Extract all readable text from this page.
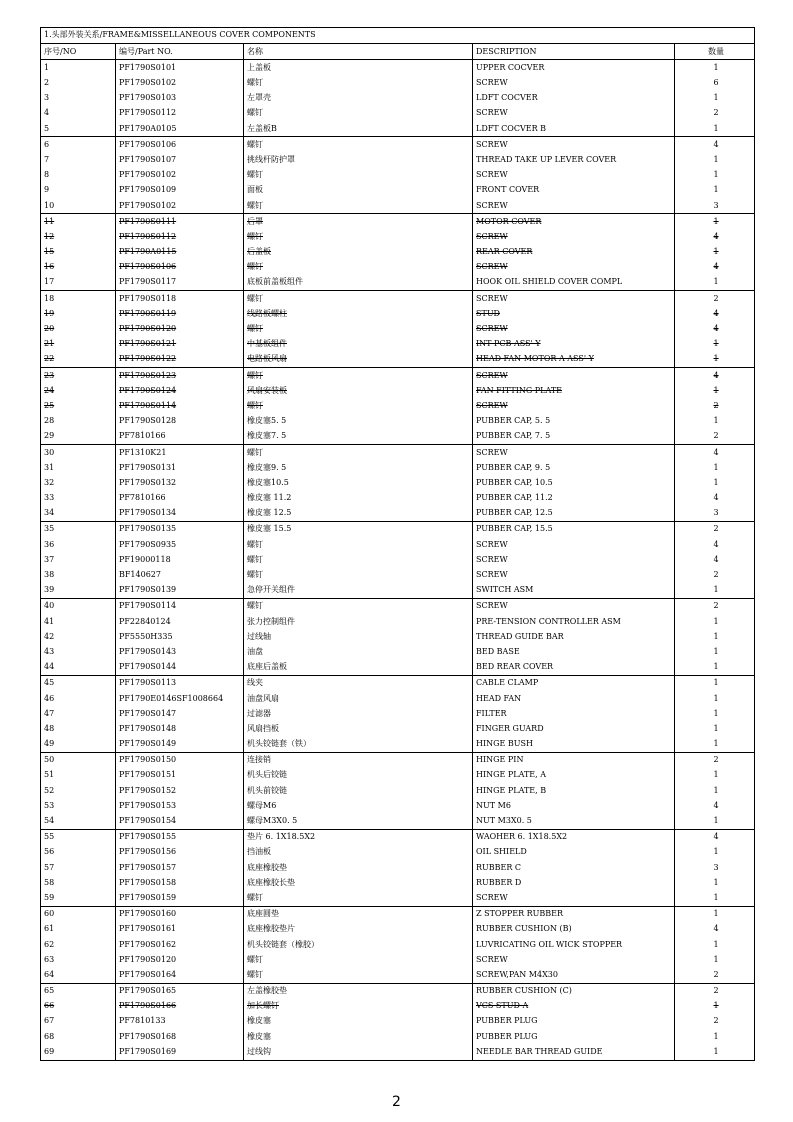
1.头部外装关系/FRAME&MISSELLANEOUS COVER COMPONENTS				
序号/NO	编号/Part NO.	名称	DESCRIPTION	数量
1	PF1790S0101	上盖板	UPPER COCVER	1
2	PF1790S0102	螺钉	SCREW	6
3	PF1790S0103	左罩壳	LDFT COCVER	1
4	PF1790S0112	螺钉	SCREW	2
5	PF1790A0105	左盖板B	LDFT COCVER B	1
6	PF1790S0106	螺钉	SCREW	4
7	PF1790S0107	挑线杆防护罩	THREAD TAKE UP LEVER COVER	1
8	PF1790S0102	螺钉	SCREW	1
9	PF1790S0109	面板	FRONT COVER	1
10	PF1790S0102	螺钉	SCREW	3
11	PF1790S0111	后罩	MOTOR COVER	1
12	PF1790S0112	螺钉	SCREW	4
15	PF1790A0115	后盖板	REAR COVER	1
16	PF1790S0106	螺钉	SCREW	4
17	PF1790S0117	底板前盖板组件	HOOK OIL SHIELD COVER COMPL	1
18	PF1790S0118	螺钉	SCREW	2
19	PF1790S0119	线路板螺柱	STUD	4
20	PF1790S0120	螺钉	SCREW	4
21	PF1790S0121	中基板组件	INT PCB ASS' Y	1
22	PF1790S0122	电路板风扇	HEAD FAN MOTOR A ASS' Y	1
23	PF1790S0123	螺钉	SCREW	4
24	PF1790S0124	风扇安装板	FAN FITTING PLATE	1
25	PF1790S0114	螺钉	SCREW	2
28	PF1790S0128	橡皮塞5. 5	PUBBER CAP, 5. 5	1
29	PF7810166	橡皮塞7. 5	PUBBER CAP, 7. 5	2
30	PF1310K21	螺钉	SCREW	4
31	PF1790S0131	橡皮塞9. 5	PUBBER CAP, 9. 5	1
32	PF1790S0132	橡皮塞10.5	PUBBER CAP, 10.5	1
33	PF7810166	橡皮塞 11.2	PUBBER CAP, 11.2	4
34	PF1790S0134	橡皮塞 12.5	PUBBER CAP, 12.5	3
35	PF1790S0135	橡皮塞 15.5	PUBBER CAP, 15.5	2
36	PF1790S0935	螺钉	SCREW	4
37	PF19000118	螺钉	SCREW	4
38	BF140627	螺钉	SCREW	2
39	PF1790S0139	急停开关组件	SWITCH ASM	1
40	PF1790S0114	螺钉	SCREW	2
41	PF22840124	张力控制组件	PRE-TENSION CONTROLLER ASM	1
42	PF5550H335	过线轴	THREAD GUIDE BAR	1
43	PF1790S0143	油盘	BED BASE	1
44	PF1790S0144	底座后盖板	BED REAR COVER	1
45	PF1790S0113	线夹	CABLE CLAMP	1
46	PF1790E0146SF1008664	油盘风扇	HEAD FAN	1
47	PF1790S0147	过滤器	FILTER	1
48	PF1790S0148	风扇挡板	FINGER GUARD	1
49	PF1790S0149	机头铰链套（铁）	HINGE BUSH	1
50	PF1790S0150	连接销	HINGE PIN	2
51	PF1790S0151	机头后铰链	HINGE PLATE, A	1
52	PF1790S0152	机头前铰链	HINGE PLATE, B	1
53	PF1790S0153	螺母M6	NUT M6	4
54	PF1790S0154	螺母M3X0. 5	NUT M3X0. 5	1
55	PF1790S0155	垫片 6. 1X18.5X2	WAOHER 6. 1X18.5X2	4
56	PF1790S0156	挡油板	OIL SHIELD	1
57	PF1790S0157	底座橡胶垫	RUBBER C	3
58	PF1790S0158	底座橡胶长垫	RUBBER D	1
59	PF1790S0159	螺钉	SCREW	1
60	PF1790S0160	底座圆垫	Z STOPPER RUBBER	1
61	PF1790S0161	底座橡胶垫片	RUBBER CUSHION (B)	4
62	PF1790S0162	机头铰链套（橡胶）	LUVRICATING OIL WICK STOPPER	1
63	PF1790S0120	螺钉	SCREW	1
64	PF1790S0164	螺钉	SCREW,PAN M4X30	2
65	PF1790S0165	左盖橡胶垫	RUBBER CUSHION (C)	2
66	PF1790S0166	加长螺钉	VCS STUD A	1
67	PF7810133	橡皮塞	PUBBER PLUG	2
68	PF1790S0168	橡皮塞	PUBBER PLUG	1
69	PF1790S0169	过线钩	NEEDLE BAR THREAD GUIDE	1
2
